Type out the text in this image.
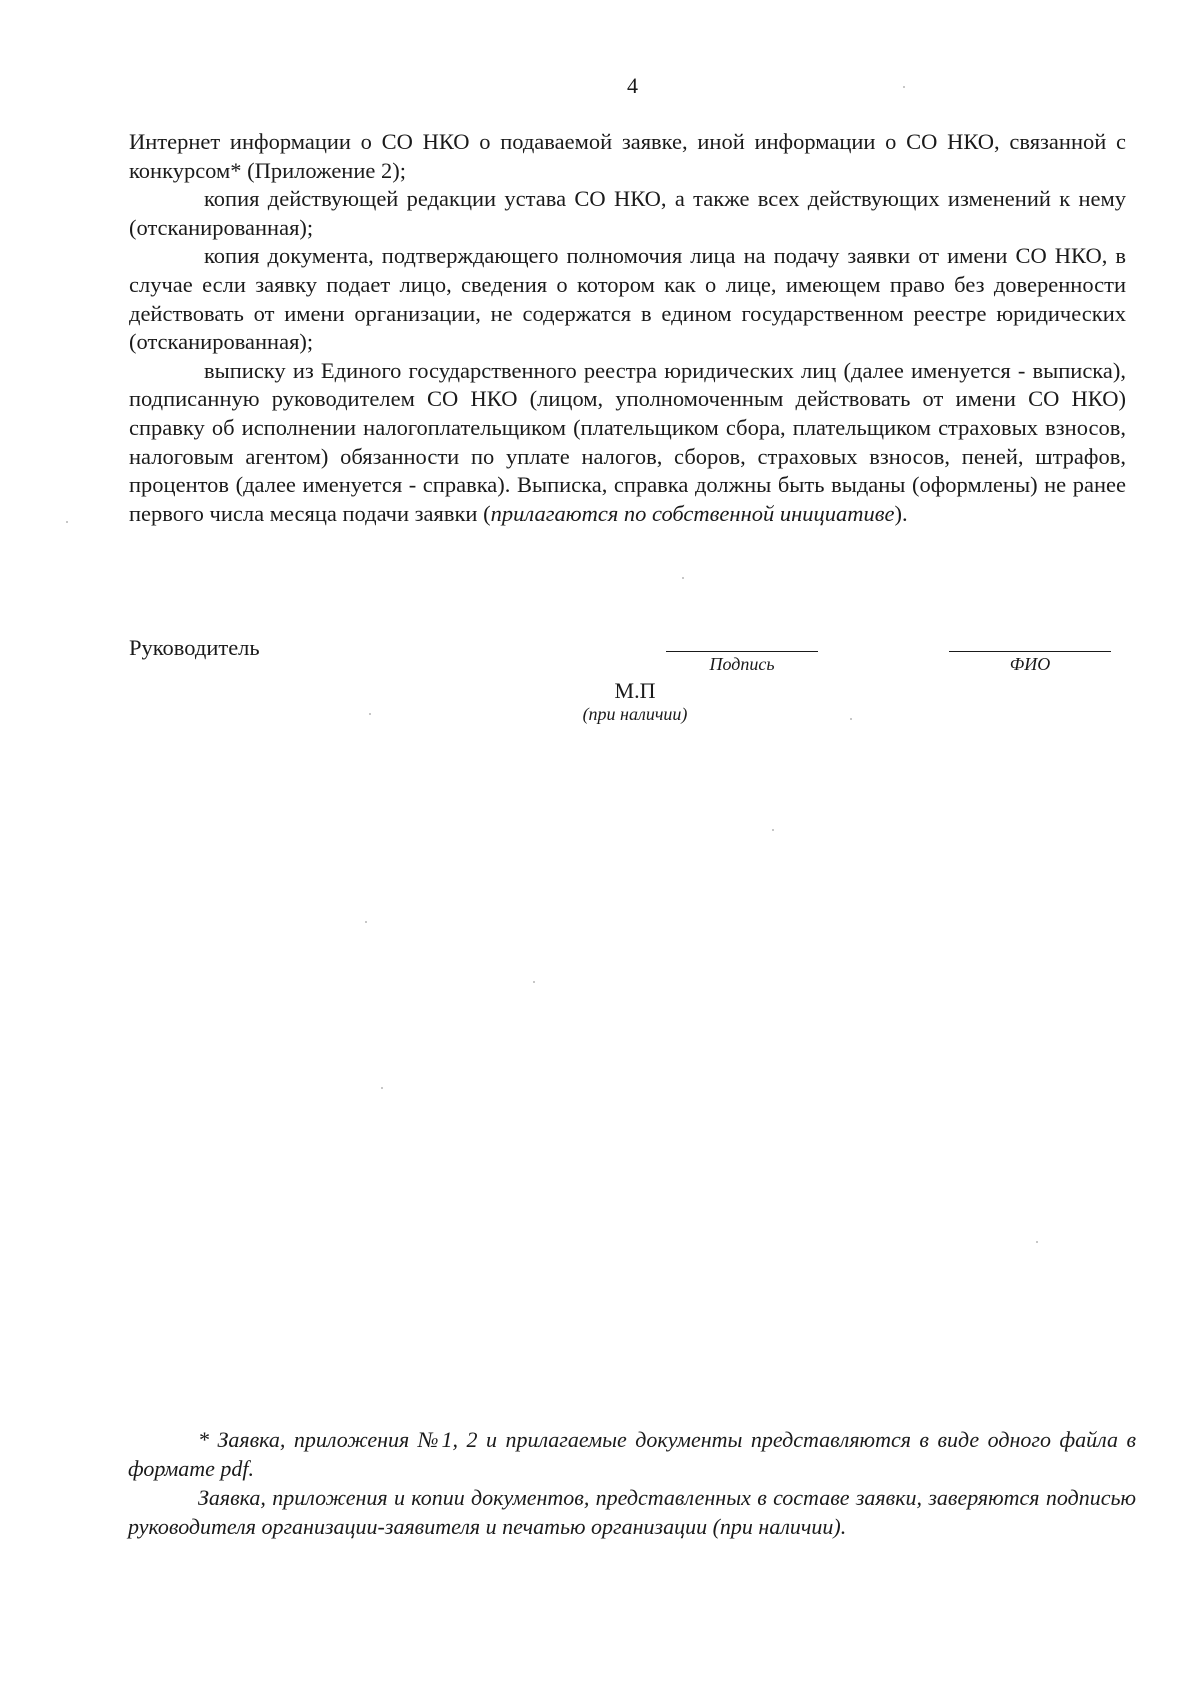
4

Интернет информации о СО НКО о подаваемой заявке, иной информации о СО НКО, связанной с конкурсом* (Приложение 2);

копия действующей редакции устава СО НКО, а также всех действующих изменений к нему (отсканированная);

копия документа, подтверждающего полномочия лица на подачу заявки от имени СО НКО, в случае если заявку подает лицо, сведения о котором как о лице, имеющем право без доверенности действовать от имени организации, не содержатся в едином государственном реестре юридических (отсканированная);

выписку из Единого государственного реестра юридических лиц (далее именуется - выписка), подписанную руководителем СО НКО (лицом, уполномоченным действовать от имени СО НКО) справку об исполнении налогоплательщиком (плательщиком сбора, плательщиком страховых взносов, налоговым агентом) обязанности по уплате налогов, сборов, страховых взносов, пеней, штрафов, процентов (далее именуется - справка). Выписка, справка должны быть выданы (оформлены) не ранее первого числа месяца подачи заявки (прилагаются по собственной инициативе).

Руководитель
Подпись	ФИО
М.П
(при наличии)

* Заявка, приложения №1, 2 и прилагаемые документы представляются в виде одного файла в формате pdf.

Заявка, приложения и копии документов, представленных в составе заявки, заверяются подписью руководителя организации-заявителя и печатью организации (при наличии).
